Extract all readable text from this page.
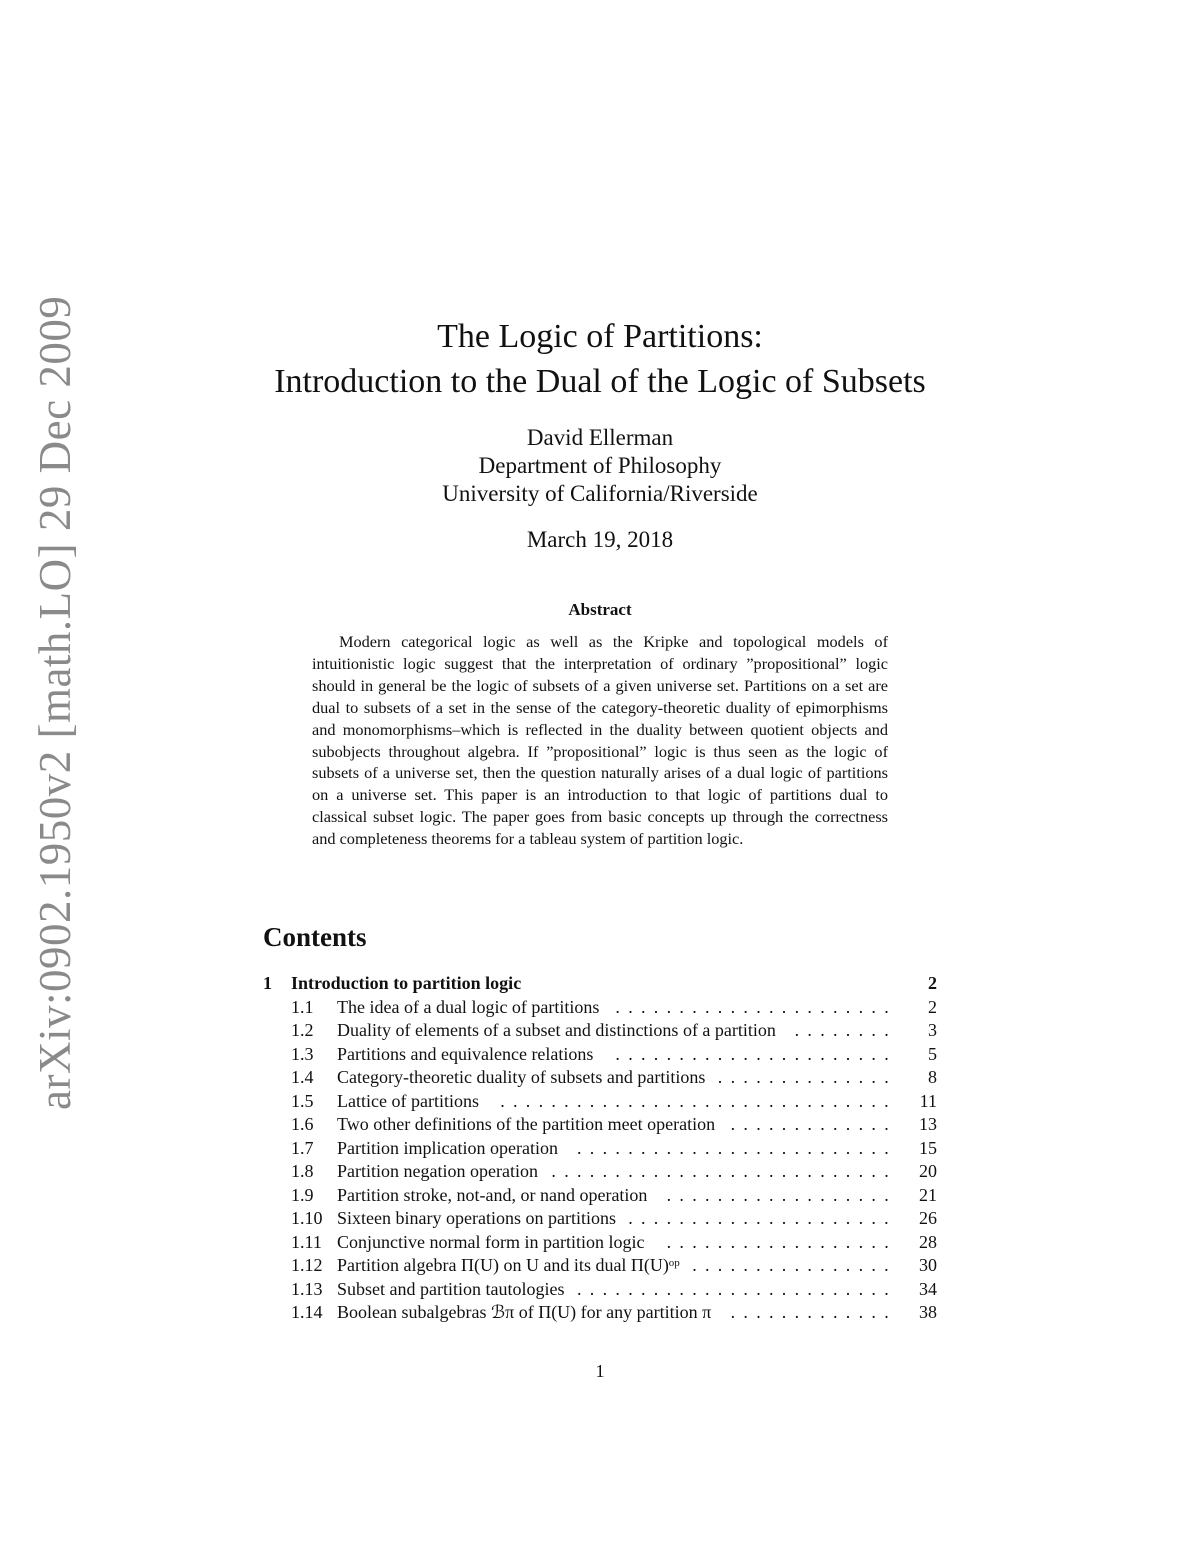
arXiv:0902.1950v2 [math.LO] 29 Dec 2009	The Logic of Partitions:
Introduction to the Dual of the Logic of Subsets
David Ellerman
Department of Philosophy
University of California/Riverside
March 19, 2018
Abstract
Modern categorical logic as well as the Kripke and topological models of intuitionistic logic suggest that the interpretation of ordinary ”propositional” logic should in general be the logic of subsets of a given universe set. Partitions on a set are dual to subsets of a set in the sense of the category-theoretic duality of epimorphisms and monomorphisms–which is reflected in the duality between quotient objects and subobjects throughout algebra. If ”propositional” logic is thus seen as the logic of subsets of a universe set, then the question naturally arises of a dual logic of partitions on a universe set. This paper is an introduction to that logic of partitions dual to classical subset logic. The paper goes from basic concepts up through the correctness and completeness theorems for a tableau system of partition logic.
Contents
1 Introduction to partition logic	2
1.1 The idea of a dual logic of partitions ...................... 2
1.2 Duality of elements of a subset and distinctions of a partition	........ 3
1.3 Partitions and equivalence relations	...................... 5
1.4 Category-theoretic duality of subsets and partitions .............. 8
1.5 Lattice of partitions	............................... 11
1.6 Two other definitions of the partition meet operation ............. 13
1.7 Partition implication operation	......................... 15
1.8 Partition negation operation ........................... 20
1.9 Partition stroke, not-and, or nand operation	.................. 21
1.10 Sixteen binary operations on partitions ..................... 26
1.11 Conjunctive normal form in partition logic	.................. 28
1.12 Partition algebra Π(U) on U and its dual Π(U)ᵒᵖ ................ 30
1.13 Subset and partition tautologies ......................... 34
1.14 Boolean subalgebras ℬπ of Π(U) for any partition π	............. 38
1
